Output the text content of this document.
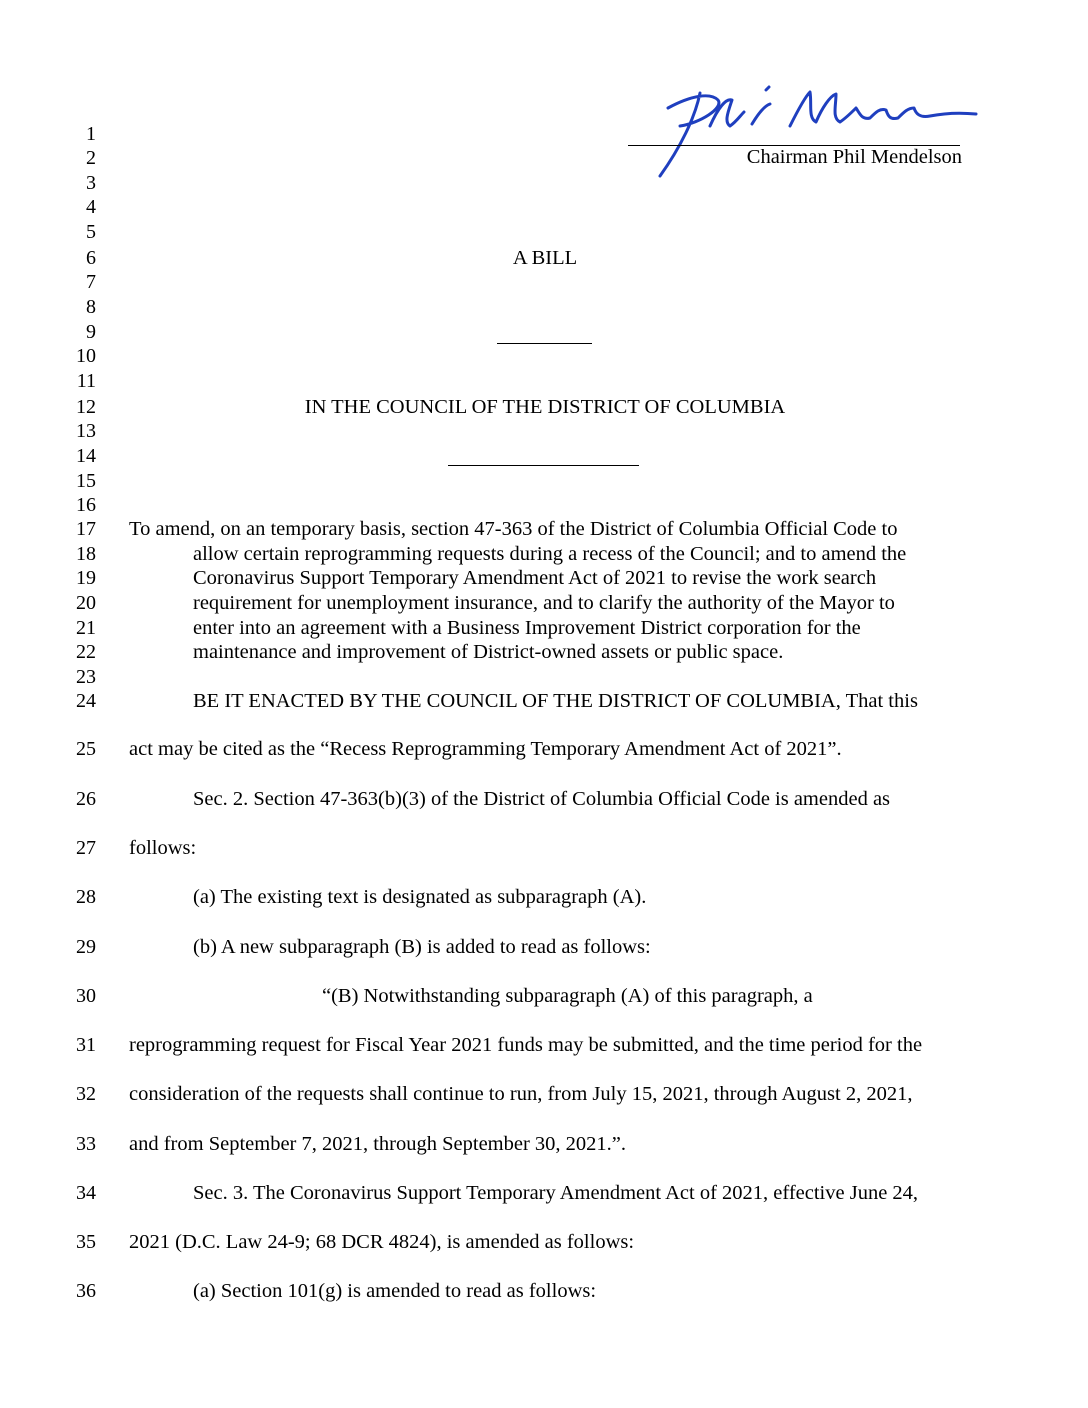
Chairman Phil Mendelson
1
2
3
4
5
6
7
8
9
10
11
12
13
14
15
16
17
18
19
20
21
22
23
24
25
26
27
28
29
30
31
32
33
34
35
36
A BILL
IN THE COUNCIL OF THE DISTRICT OF COLUMBIA
To amend, on an temporary basis, section 47-363 of the District of Columbia Official Code to
allow certain reprogramming requests during a recess of the Council; and to amend the
Coronavirus Support Temporary Amendment Act of 2021 to revise the work search
requirement for unemployment insurance, and to clarify the authority of the Mayor to
enter into an agreement with a Business Improvement District corporation for the
maintenance and improvement of District-owned assets or public space.
BE IT ENACTED BY THE COUNCIL OF THE DISTRICT OF COLUMBIA, That this
act may be cited as the “Recess Reprogramming Temporary Amendment Act of 2021”.
Sec. 2. Section 47-363(b)(3) of the District of Columbia Official Code is amended as
follows:
(a) The existing text is designated as subparagraph (A).
(b) A new subparagraph (B) is added to read as follows:
“(B) Notwithstanding subparagraph (A) of this paragraph, a
reprogramming request for Fiscal Year 2021 funds may be submitted, and the time period for the
consideration of the requests shall continue to run, from July 15, 2021, through August 2, 2021,
and from September 7, 2021, through September 30, 2021.”.
Sec. 3. The Coronavirus Support Temporary Amendment Act of 2021, effective June 24,
2021 (D.C. Law 24-9; 68 DCR 4824), is amended as follows:
(a) Section 101(g) is amended to read as follows:
